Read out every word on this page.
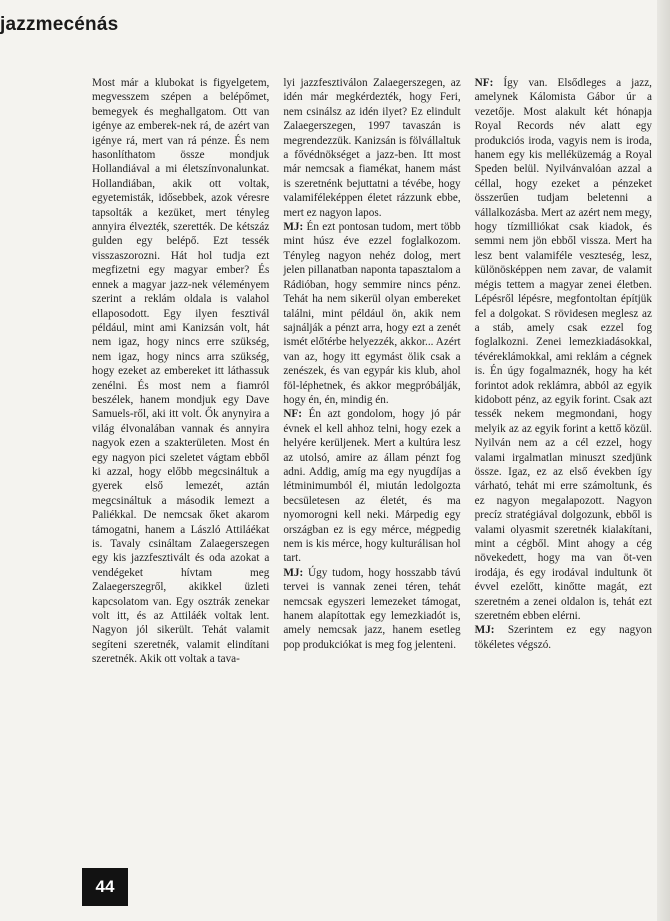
jazzmecénás

Most már a klubokat is figyelgetem, megvesszem szépen a belépőmet, bemegyek és meghallgatom. Ott van igénye az emberek-nek rá, de azért van igénye rá, mert van rá pénze. És nem hasonlíthatom össze mondjuk Hollandiával a mi életszínvonalunkat. Hollandiában, akik ott voltak, egyetemisták, idősebbek, azok véresre tapsolták a kezüket, mert tényleg annyira élvezték, szerették. De kétszáz gulden egy belépő. Ezt tessék visszaszorozni. Hát hol tudja ezt megfizetni egy magyar ember? És ennek a magyar jazz-nek véleményem szerint a reklám oldala is valahol ellaposodott. Egy ilyen fesztivál például, mint ami Kanizsán volt, hát nem igaz, hogy nincs erre szükség, nem igaz, hogy nincs arra szükség, hogy ezeket az embereket itt láthassuk zenélni. És most nem a fiamról beszélek, hanem mondjuk egy Dave Samuels-ről, aki itt volt. Ők anynyira a világ élvonalában vannak és annyira nagyok ezen a szakterületen. Most én egy nagyon pici szeletet vágtam ebből ki azzal, hogy előbb megcsináltuk a gyerek első lemezét, aztán megcsináltuk a második lemezt a Paliékkal. De nemcsak őket akarom támogatni, hanem a László Attiláékat is. Tavaly csináltam Zalaegerszegen egy kis jazzfesztivált és oda azokat a vendégeket hívtam meg Zalaegerszegről, akikkel üzleti kapcsolatom van. Egy osztrák zenekar volt itt, és az Attiláék voltak lent. Nagyon jól sikerült. Tehát valamit segíteni szeretnék, valamit elindítani szeretnék. Akik ott voltak a tava-

lyi jazzfesztiválon Zalaegerszegen, az idén már megkérdezték, hogy Feri, nem csinálsz az idén ilyet? Ez elindult Zalaegerszegen, 1997 tavaszán is megrendezzük. Kanizsán is fölvállaltuk a fővédnökséget a jazz-ben. Itt most már nemcsak a fiamékat, hanem mást is szeretnénk bejuttatni a tévébe, hogy valamiféleképpen életet rázzunk ebbe, mert ez nagyon lapos.

MJ: Én ezt pontosan tudom, mert több mint húsz éve ezzel foglalkozom. Tényleg nagyon nehéz dolog, mert jelen pillanatban naponta tapasztalom a Rádióban, hogy semmire nincs pénz. Tehát ha nem sikerül olyan embereket találni, mint például ön, akik nem sajnálják a pénzt arra, hogy ezt a zenét ismét előtérbe helyezzék, akkor... Azért van az, hogy itt egymást ölik csak a zenészek, és van egypár kis klub, ahol föl-léphetnek, és akkor megpróbálják, hogy én, én, mindig én.

NF: Én azt gondolom, hogy jó pár évnek el kell ahhoz telni, hogy ezek a helyére kerüljenek. Mert a kultúra lesz az utolsó, amire az állam pénzt fog adni. Addig, amíg ma egy nyugdíjas a létminimumból él, miután ledolgozta becsületesen az életét, és ma nyomorogni kell neki. Márpedig egy országban ez is egy mérce, mégpedig nem is kis mérce, hogy kulturálisan hol tart.

MJ: Úgy tudom, hogy hosszabb távú tervei is vannak zenei téren, tehát nemcsak egyszeri lemezeket támogat, hanem alapítottak egy lemezkiadót is, amely nemcsak jazz, hanem esetleg pop produkciókat is meg fog jelenteni.

NF: Így van. Elsődleges a jazz, amelynek Kálomista Gábor úr a vezetője. Most alakult két hónapja Royal Records név alatt egy produkciós iroda, vagyis nem is iroda, hanem egy kis melléküzemág a Royal Speden belül. Nyilvánvalóan azzal a céllal, hogy ezeket a pénzeket összerűen tudjam beletenni a vállalkozásba. Mert az azért nem megy, hogy tízmilliókat csak kiadok, és semmi nem jön ebből vissza. Mert ha lesz bent valamiféle veszteség, lesz, különösképpen nem zavar, de valamit mégis tettem a magyar zenei életben. Lépésről lépésre, megfontoltan építjük fel a dolgokat. S rövidesen meglesz az a stáb, amely csak ezzel fog foglalkozni. Zenei lemezkiadásokkal, tévéreklámokkal, ami reklám a cégnek is. Én úgy fogalmaznék, hogy ha két forintot adok reklámra, abból az egyik kidobott pénz, az egyik forint. Csak azt tessék nekem megmondani, hogy melyik az az egyik forint a kettő közül. Nyilván nem az a cél ezzel, hogy valami irgalmatlan minuszt szedjünk össze. Igaz, ez az első években így várható, tehát mi erre számoltunk, és ez nagyon megalapozott. Nagyon precíz stratégiával dolgozunk, ebből is valami olyasmit szeretnék kialakítani, mint a cégből. Mint ahogy a cég növekedett, hogy ma van öt-ven irodája, és egy irodával indultunk öt évvel ezelőtt, kinőtte magát, ezt szeretném a zenei oldalon is, tehát ezt szeretném ebben elérni.

MJ: Szerintem ez egy nagyon tökéletes végszó.

44
